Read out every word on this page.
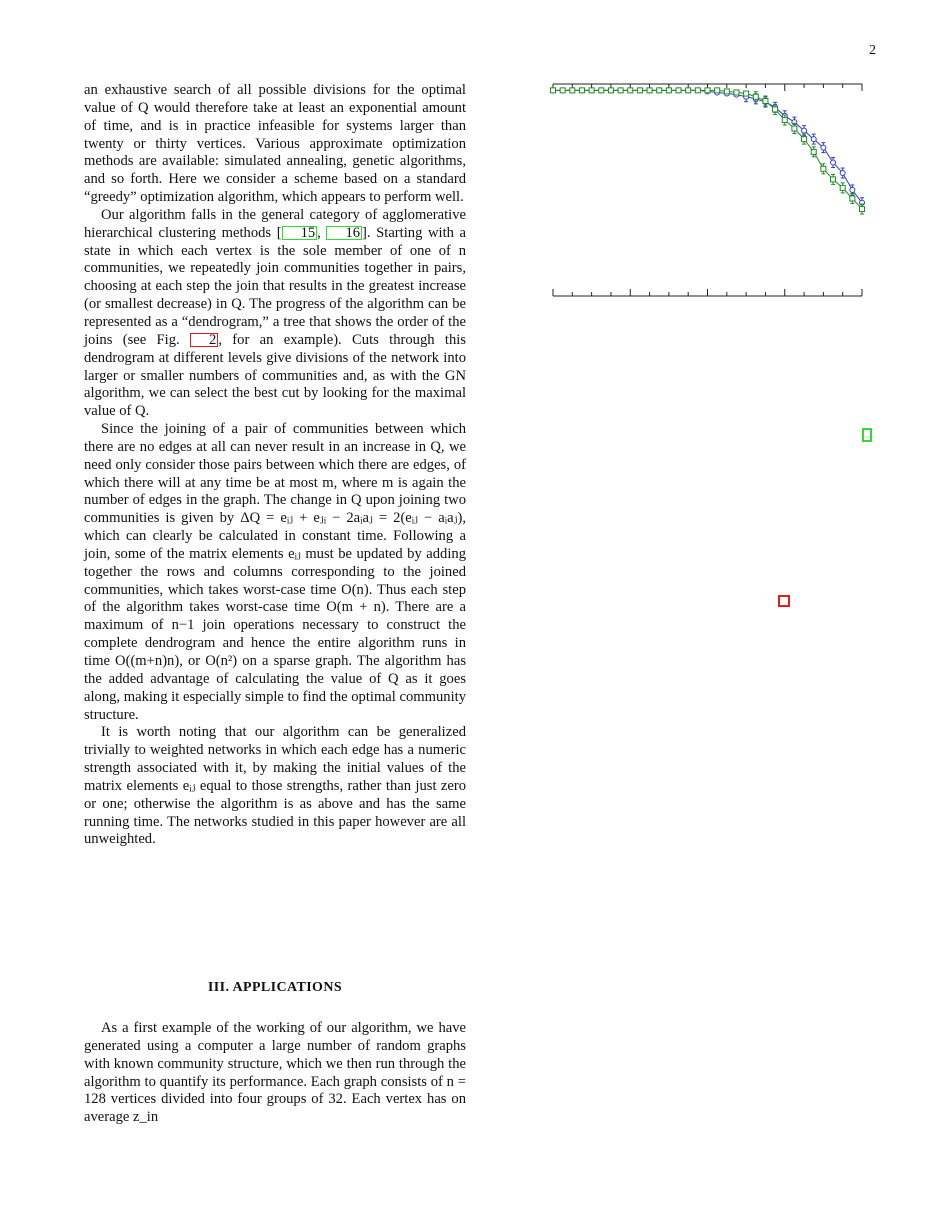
2

an exhaustive search of all possible divisions for the optimal value of Q would therefore take at least an exponential amount of time, and is in practice infeasible for systems larger than twenty or thirty vertices. Various approximate optimization methods are available: simulated annealing, genetic algorithms, and so forth. Here we consider a scheme based on a standard “greedy” optimization algorithm, which appears to perform well.

Our algorithm falls in the general category of agglomerative hierarchical clustering methods [ 15 , 16 ]. Starting with a state in which each vertex is the sole member of one of n communities, we repeatedly join communities together in pairs, choosing at each step the join that results in the greatest increase (or smallest decrease) in Q. The progress of the algorithm can be represented as a “dendrogram,” a tree that shows the order of the joins (see Fig. 2 , for an example). Cuts through this dendrogram at different levels give divisions of the network into larger or smaller numbers of communities and, as with the GN algorithm, we can select the best cut by looking for the maximal value of Q.

Since the joining of a pair of communities between which there are no edges at all can never result in an increase in Q, we need only consider those pairs between which there are edges, of which there will at any time be at most m, where m is again the number of edges in the graph. The change in Q upon joining two communities is given by ΔQ = eᵢⱼ + eⱼᵢ − 2aᵢaⱼ = 2(eᵢⱼ − aᵢaⱼ), which can clearly be calculated in constant time. Following a join, some of the matrix elements eᵢⱼ must be updated by adding together the rows and columns corresponding to the joined communities, which takes worst-case time O(n). Thus each step of the algorithm takes worst-case time O(m + n). There are a maximum of n−1 join operations necessary to construct the complete dendrogram and hence the entire algorithm runs in time O((m+n)n), or O(n²) on a sparse graph. The algorithm has the added advantage of calculating the value of Q as it goes along, making it especially simple to find the optimal community structure.

It is worth noting that our algorithm can be generalized trivially to weighted networks in which each edge has a numeric strength associated with it, by making the initial values of the matrix elements eᵢⱼ equal to those strengths, rather than just zero or one; otherwise the algorithm is as above and has the same running time. The networks studied in this paper however are all unweighted.

III. APPLICATIONS

As a first example of the working of our algorithm, we have generated using a computer a large number of random graphs with known community structure, which we then run through the algorithm to quantify its performance. Each graph consists of n = 128 vertices divided into four groups of 32. Each vertex has on average z_in
